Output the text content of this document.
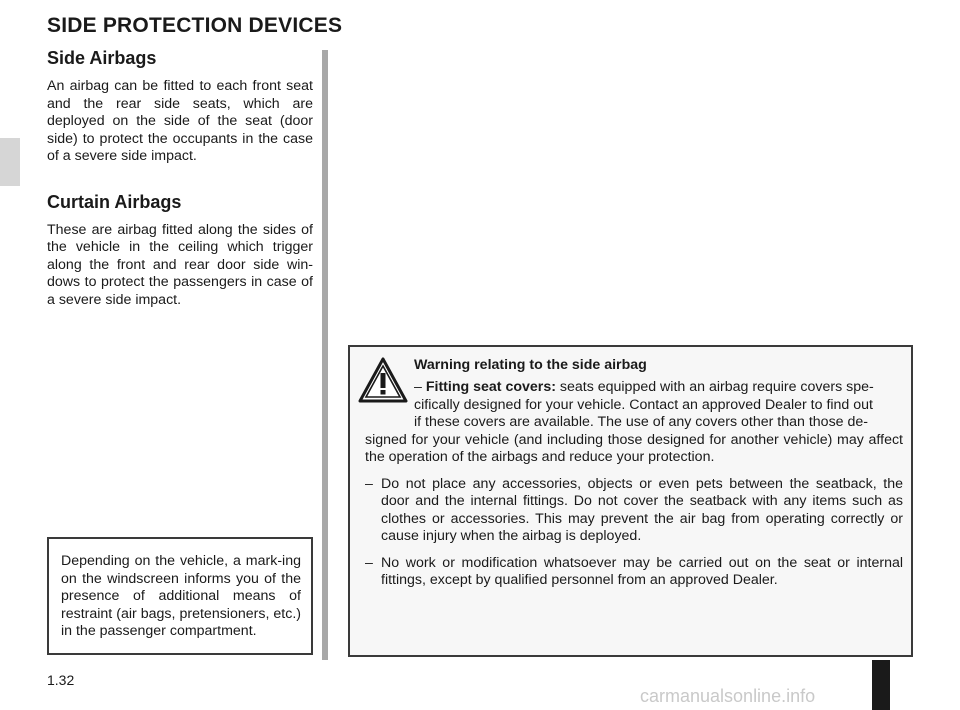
SIDE PROTECTION DEVICES
Side Airbags

An airbag can be fitted to each front seat and the rear side seats, which are deployed on the side of the seat (door side) to protect the occupants in the case of a severe side impact.

Curtain Airbags

These are airbag fitted along the sides of the vehicle in the ceiling which trigger along the front and rear door side win-dows to protect the passengers in case of a severe side impact.

Depending on the vehicle, a mark-ing on the windscreen informs you of the presence of additional means of restraint (air bags, pretensioners, etc.) in the passenger compartment.
Warning relating to the side airbag
– Fitting seat covers: seats equipped with an airbag require covers spe-
cifically designed for your vehicle. Contact an approved Dealer to find out
if these covers are available. The use of any covers other than those de-
signed for your vehicle (and including those designed for another vehicle) may affect the operation of the airbags and reduce your protection.
– Do not place any accessories, objects or even pets between the seatback, the door and the internal fittings. Do not cover the seatback with any items such as clothes or accessories. This may prevent the air bag from operating correctly or cause injury when the airbag is deployed.
– No work or modification whatsoever may be carried out on the seat or internal fittings, except by qualified personnel from an approved Dealer.
1.32
carmanualsonline.info
